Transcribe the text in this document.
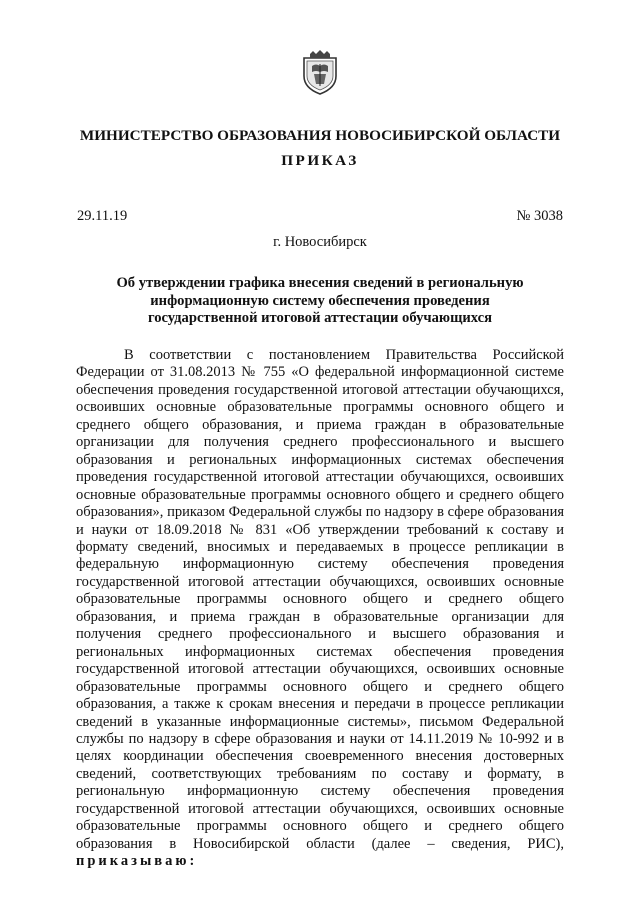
МИНИСТЕРСТВО ОБРАЗОВАНИЯ НОВОСИБИРСКОЙ ОБЛАСТИ
ПРИКАЗ
29.11.19	№ 3038
г. Новосибирск
Об утверждении графика внесения сведений в региональную информационную систему обеспечения проведения государственной итоговой аттестации обучающихся
В соответствии с постановлением Правительства Российской Федерации от 31.08.2013 № 755 «О федеральной информационной системе обеспечения проведения государственной итоговой аттестации обучающихся, освоивших основные образовательные программы основного общего и среднего общего образования, и приема граждан в образовательные организации для получения среднего профессионального и высшего образования и региональных информационных системах обеспечения проведения государственной итоговой аттестации обучающихся, освоивших основные образовательные программы основного общего и среднего общего образования», приказом Федеральной службы по надзору в сфере образования и науки от 18.09.2018 № 831 «Об утверждении требований к составу и формату сведений, вносимых и передаваемых в процессе репликации в федеральную информационную систему обеспечения проведения государственной итоговой аттестации обучающихся, освоивших основные образовательные программы основного общего и среднего общего образования, и приема граждан в образовательные организации для получения среднего профессионального и высшего образования и региональных информационных системах обеспечения проведения государственной итоговой аттестации обучающихся, освоивших основные образовательные программы основного общего и среднего общего образования, а также к срокам внесения и передачи в процессе репликации сведений в указанные информационные системы», письмом Федеральной службы по надзору в сфере образования и науки от 14.11.2019 № 10-992 и в целях координации обеспечения своевременного внесения достоверных сведений, соответствующих требованиям по составу и формату, в региональную информационную систему обеспечения проведения государственной итоговой аттестации обучающихся, освоивших основные образовательные программы основного общего и среднего общего образования в Новосибирской области (далее – сведения, РИС), приказываю:
